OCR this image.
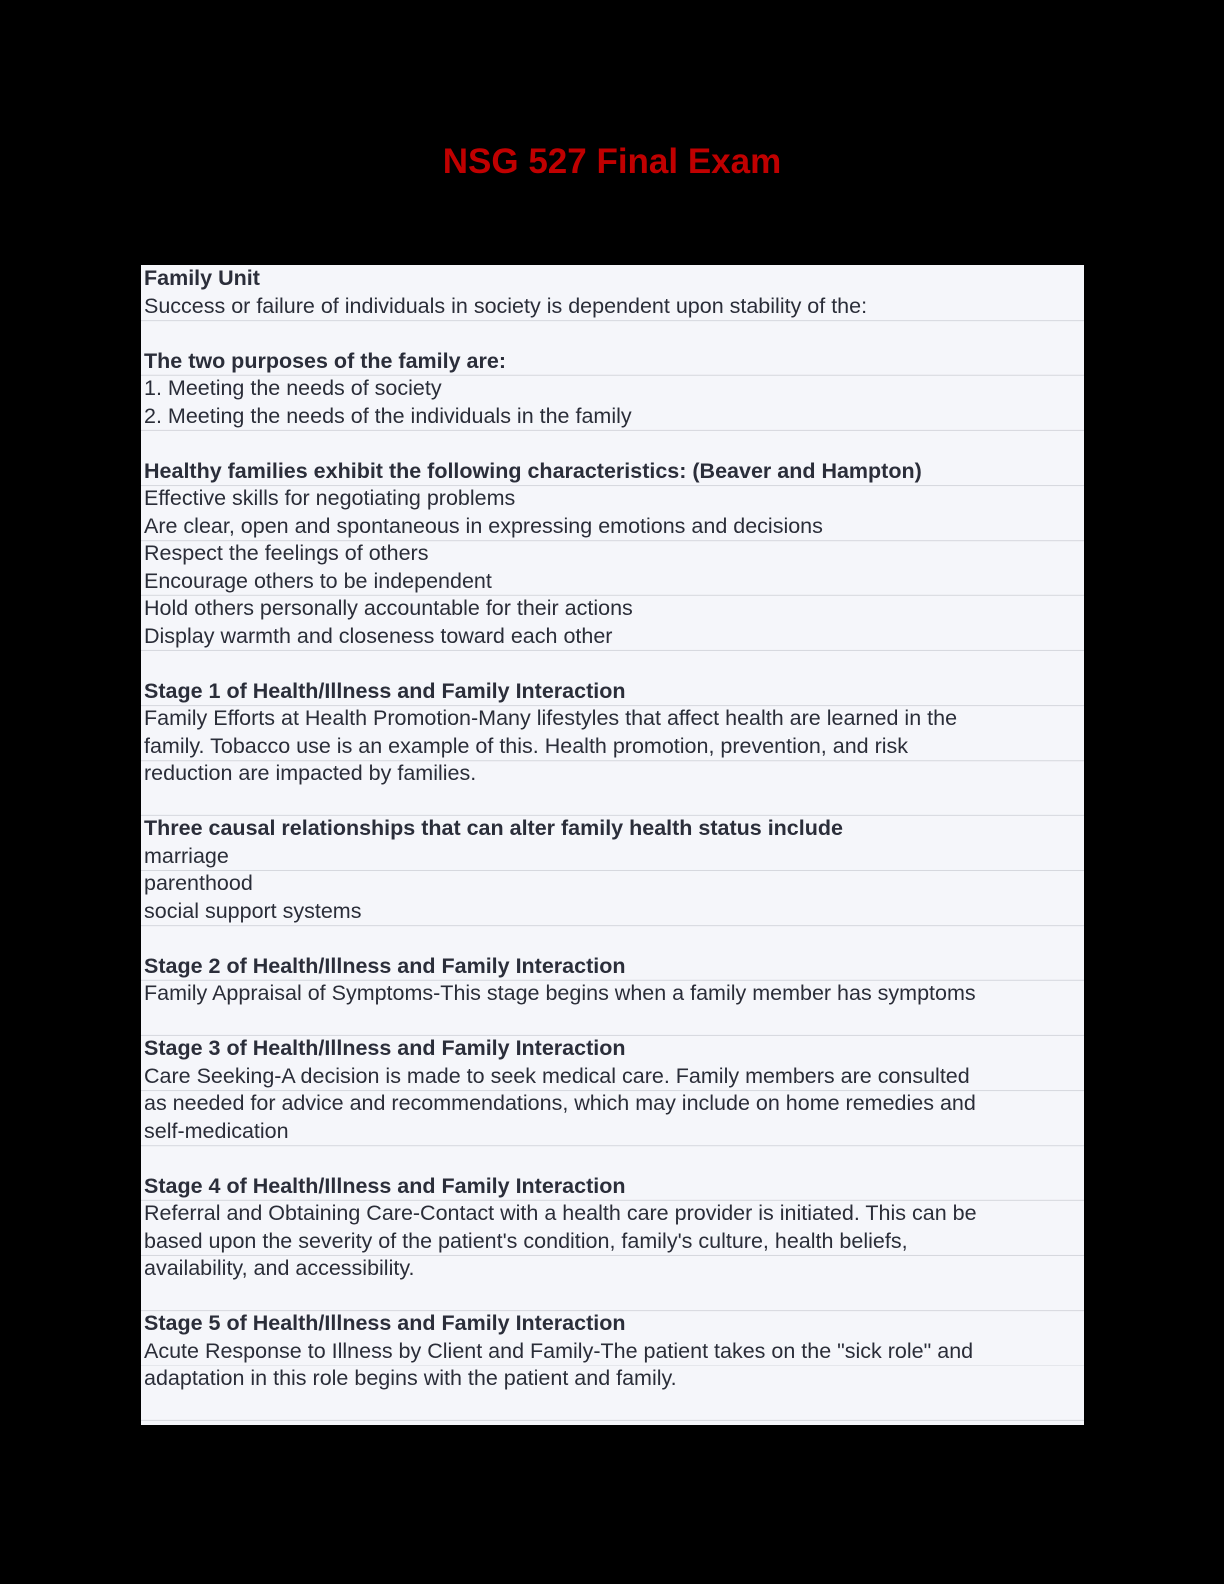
NSG 527 Final Exam
Family Unit
Success or failure of individuals in society is dependent upon stability of the:
The two purposes of the family are:
1. Meeting the needs of society
2. Meeting the needs of the individuals in the family
Healthy families exhibit the following characteristics: (Beaver and Hampton)
Effective skills for negotiating problems
Are clear, open and spontaneous in expressing emotions and decisions
Respect the feelings of others
Encourage others to be independent
Hold others personally accountable for their actions
Display warmth and closeness toward each other
Stage 1 of Health/Illness and Family Interaction
Family Efforts at Health Promotion-Many lifestyles that affect health are learned in the
family. Tobacco use is an example of this. Health promotion, prevention, and risk
reduction are impacted by families.
Three causal relationships that can alter family health status include
marriage
parenthood
social support systems
Stage 2 of Health/Illness and Family Interaction
Family Appraisal of Symptoms-This stage begins when a family member has symptoms
Stage 3 of Health/Illness and Family Interaction
Care Seeking-A decision is made to seek medical care. Family members are consulted
as needed for advice and recommendations, which may include on home remedies and
self-medication
Stage 4 of Health/Illness and Family Interaction
Referral and Obtaining Care-Contact with a health care provider is initiated. This can be
based upon the severity of the patient's condition, family's culture, health beliefs,
availability, and accessibility.
Stage 5 of Health/Illness and Family Interaction
Acute Response to Illness by Client and Family-The patient takes on the "sick role" and
adaptation in this role begins with the patient and family.
